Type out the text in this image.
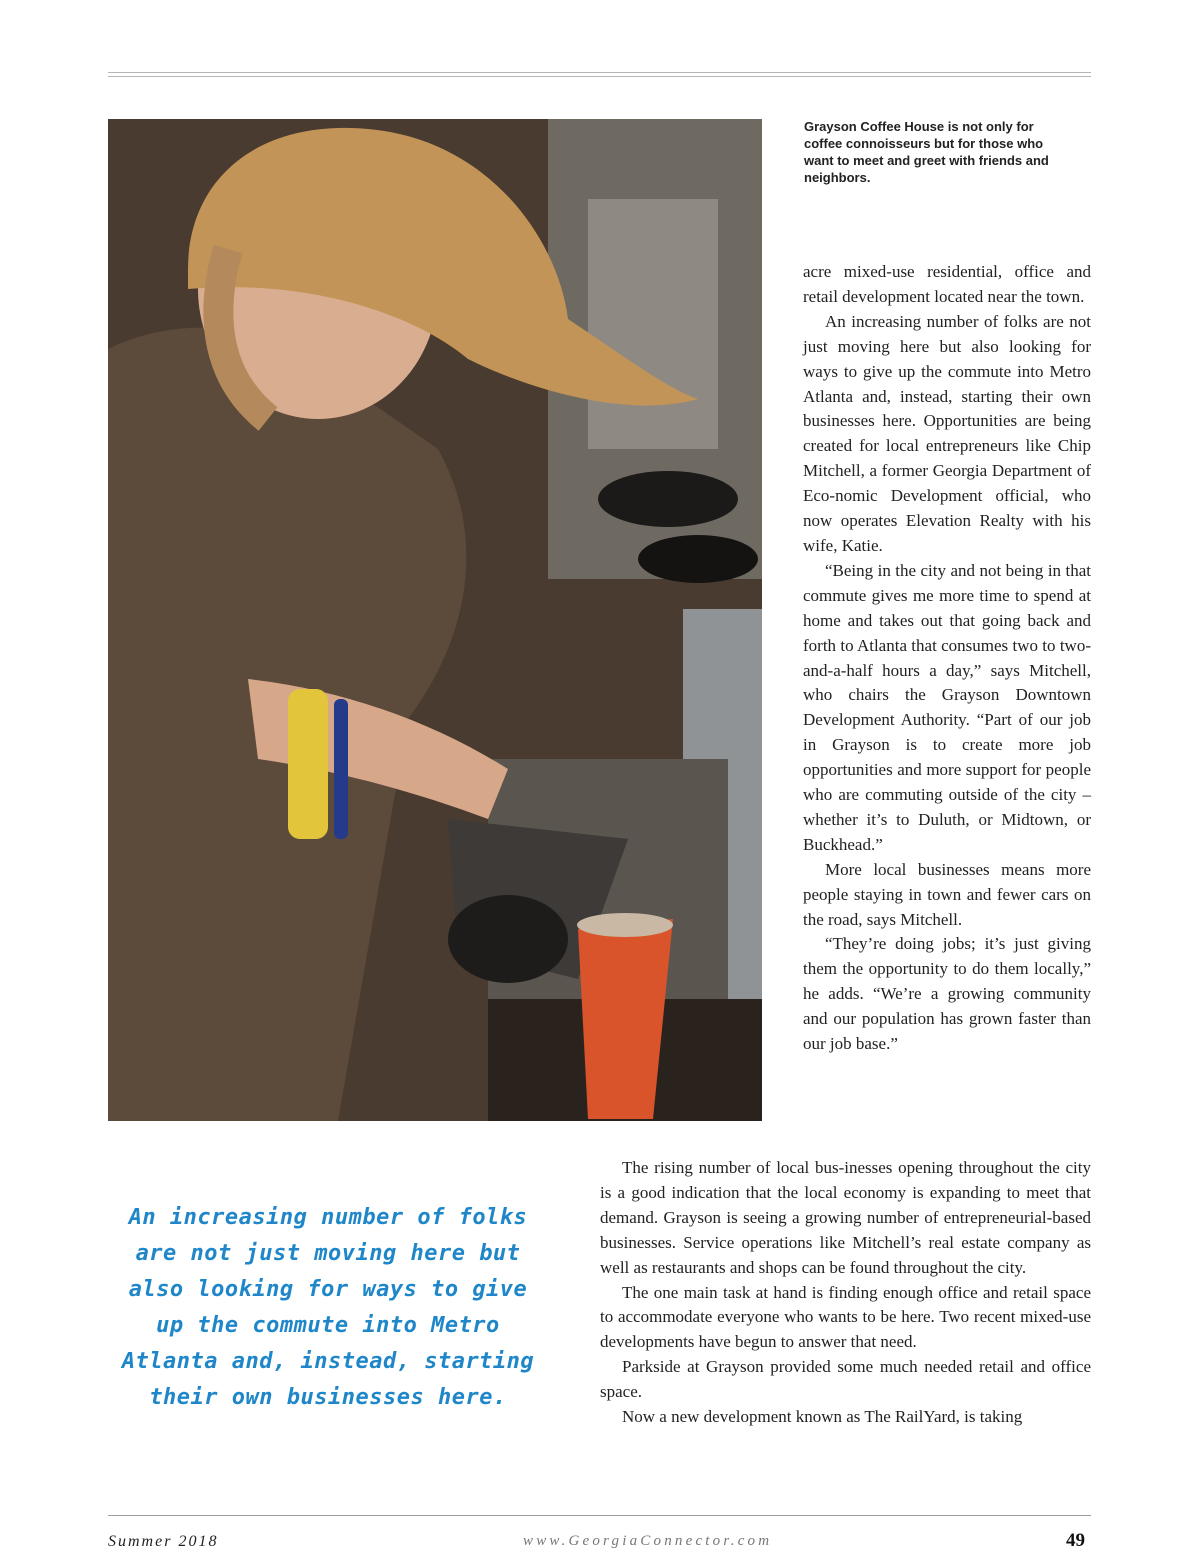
Grayson Coffee House is not only for coffee connoisseurs but for those who want to meet and greet with friends and neighbors.

acre mixed-use residential, office and retail development located near the town.

An increasing number of folks are not just moving here but also looking for ways to give up the commute into Metro Atlanta and, instead, starting their own businesses here. Opportunities are being created for local entrepreneurs like Chip Mitchell, a former Georgia Department of Eco-nomic Development official, who now operates Elevation Realty with his wife, Katie.

“Being in the city and not being in that commute gives me more time to spend at home and takes out that going back and forth to Atlanta that consumes two to two-and-a-half hours a day,” says Mitchell, who chairs the Grayson Downtown Development Authority. “Part of our job in Grayson is to create more job opportunities and more support for people who are commuting outside of the city – whether it’s to Duluth, or Midtown, or Buckhead.”

More local businesses means more people staying in town and fewer cars on the road, says Mitchell.

“They’re doing jobs; it’s just giving them the opportunity to do them locally,” he adds. “We’re a growing community and our population has grown faster than our job base.”

The rising number of local bus-inesses opening throughout the city is a good indication that the local economy is expanding to meet that demand. Grayson is seeing a growing number of entrepreneurial-based businesses. Service operations like Mitchell’s real estate company as well as restaurants and shops can be found throughout the city.

The one main task at hand is finding enough office and retail space to accommodate everyone who wants to be here. Two recent mixed-use developments have begun to answer that need.

Parkside at Grayson provided some much needed retail and office space.

Now a new development known as The RailYard, is taking

An increasing number of folks are not just moving here but also looking for ways to give up the commute into Metro Atlanta and, instead, starting their own businesses here.
Summer 2018	www.GeorgiaConnector.com	49
